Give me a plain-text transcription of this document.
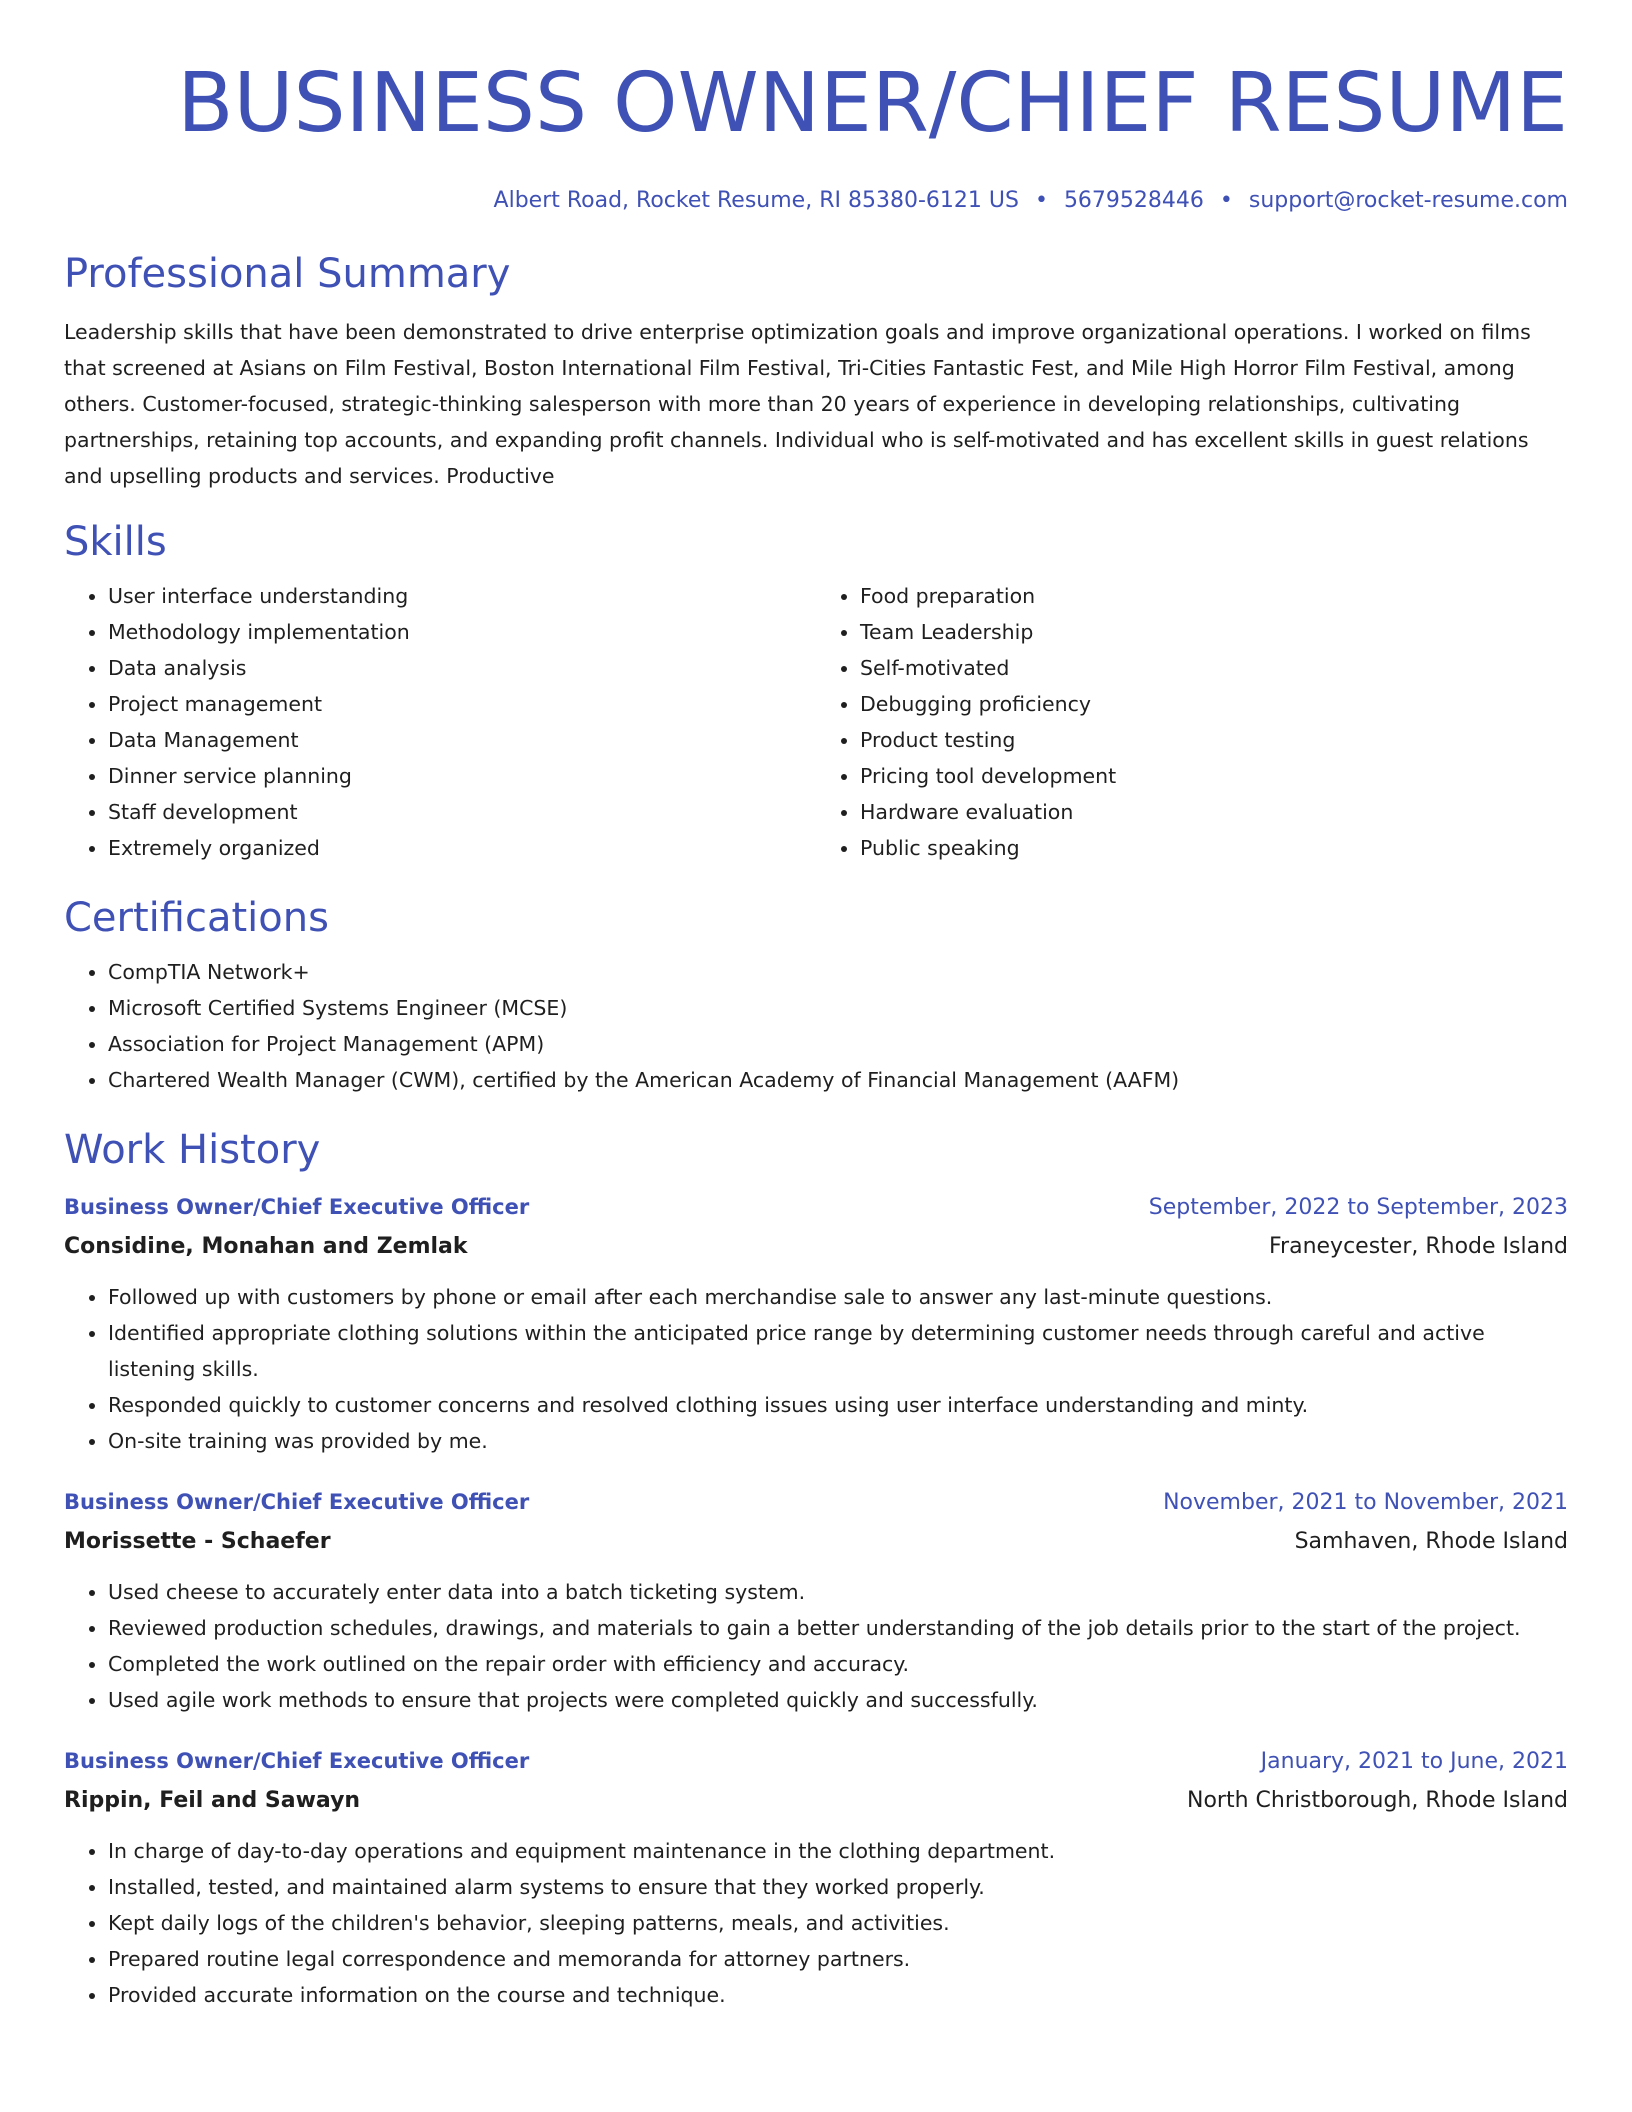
BUSINESS OWNER/CHIEF RESUME
Albert Road, Rocket Resume, RI 85380-6121 US • 5679528446 • support@rocket-resume.com
Professional Summary

Leadership skills that have been demonstrated to drive enterprise optimization goals and improve organizational operations. I worked on films that screened at Asians on Film Festival, Boston International Film Festival, Tri-Cities Fantastic Fest, and Mile High Horror Film Festival, among others. Customer-focused, strategic-thinking salesperson with more than 20 years of experience in developing relationships, cultivating partnerships, retaining top accounts, and expanding profit channels. Individual who is self-motivated and has excellent skills in guest relations and upselling products and services. Productive

Skills
• User interface understanding
• Methodology implementation
• Data analysis
• Project management
• Data Management
• Dinner service planning
• Staff development
• Extremely organized
• Food preparation
• Team Leadership
• Self-motivated
• Debugging proficiency
• Product testing
• Pricing tool development
• Hardware evaluation
• Public speaking
Certifications
• CompTIA Network+
• Microsoft Certified Systems Engineer (MCSE)
• Association for Project Management (APM)
• Chartered Wealth Manager (CWM), certified by the American Academy of Financial Management (AAFM)
Work History
Business Owner/Chief Executive Officer	September, 2022 to September, 2023
Considine, Monahan and Zemlak	Franeycester, Rhode Island
• Followed up with customers by phone or email after each merchandise sale to answer any last-minute questions.
• Identified appropriate clothing solutions within the anticipated price range by determining customer needs through careful and active listening skills.
• Responded quickly to customer concerns and resolved clothing issues using user interface understanding and minty.
• On-site training was provided by me.
Business Owner/Chief Executive Officer	November, 2021 to November, 2021
Morissette - Schaefer	Samhaven, Rhode Island
• Used cheese to accurately enter data into a batch ticketing system.
• Reviewed production schedules, drawings, and materials to gain a better understanding of the job details prior to the start of the project.
• Completed the work outlined on the repair order with efficiency and accuracy.
• Used agile work methods to ensure that projects were completed quickly and successfully.
Business Owner/Chief Executive Officer	January, 2021 to June, 2021
Rippin, Feil and Sawayn	North Christborough, Rhode Island
• In charge of day-to-day operations and equipment maintenance in the clothing department.
• Installed, tested, and maintained alarm systems to ensure that they worked properly.
• Kept daily logs of the children's behavior, sleeping patterns, meals, and activities.
• Prepared routine legal correspondence and memoranda for attorney partners.
• Provided accurate information on the course and technique.
